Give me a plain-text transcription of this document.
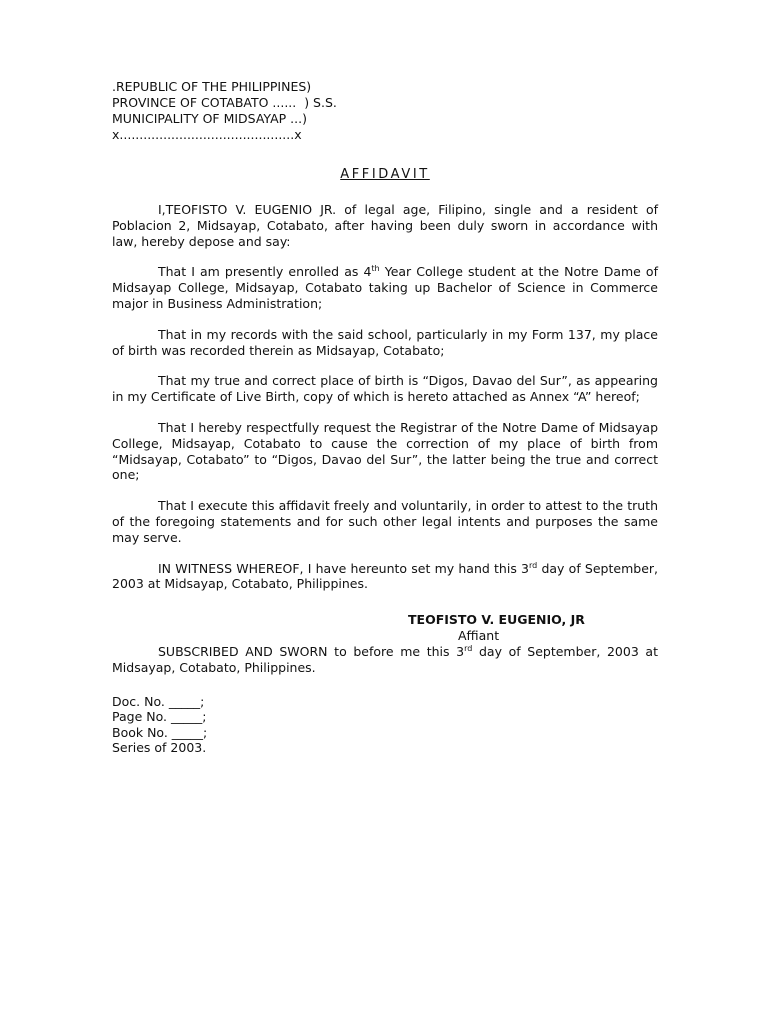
.REPUBLIC OF THE PHILIPPINES)
PROVINCE OF COTABATO ......  ) S.S.
MUNICIPALITY OF MIDSAYAP ...)
x............................................x
AFFIDAVIT

I,TEOFISTO V. EUGENIO JR. of legal age, Filipino, single and a resident of Poblacion 2, Midsayap, Cotabato, after having been duly sworn in accordance with law, hereby depose and say:

That I am presently enrolled as 4th Year College student at the Notre Dame of Midsayap College, Midsayap, Cotabato taking up Bachelor of Science in Commerce major in Business Administration;

That in my records with the said school, particularly in my Form 137, my place of birth was recorded therein as Midsayap, Cotabato;

That my true and correct place of birth is “Digos, Davao del Sur”, as appearing in my Certificate of Live Birth, copy of which is hereto attached as Annex “A” hereof;

That I hereby respectfully request the Registrar of the Notre Dame of Midsayap College, Midsayap, Cotabato to cause the correction of my place of birth from “Midsayap, Cotabato” to “Digos, Davao del Sur”, the latter being the true and correct one;

That I execute this affidavit freely and voluntarily, in order to attest to the truth of the foregoing statements and for such other legal intents and purposes the same may serve.

IN WITNESS WHEREOF, I have hereunto set my hand this 3rd day of September, 2003 at Midsayap, Cotabato, Philippines.

TEOFISTO V. EUGENIO, JR
Affiant

SUBSCRIBED AND SWORN to before me this 3rd day of September, 2003 at Midsayap, Cotabato, Philippines.

Doc. No. _____;
Page No. _____;
Book No. _____;
Series of 2003.
